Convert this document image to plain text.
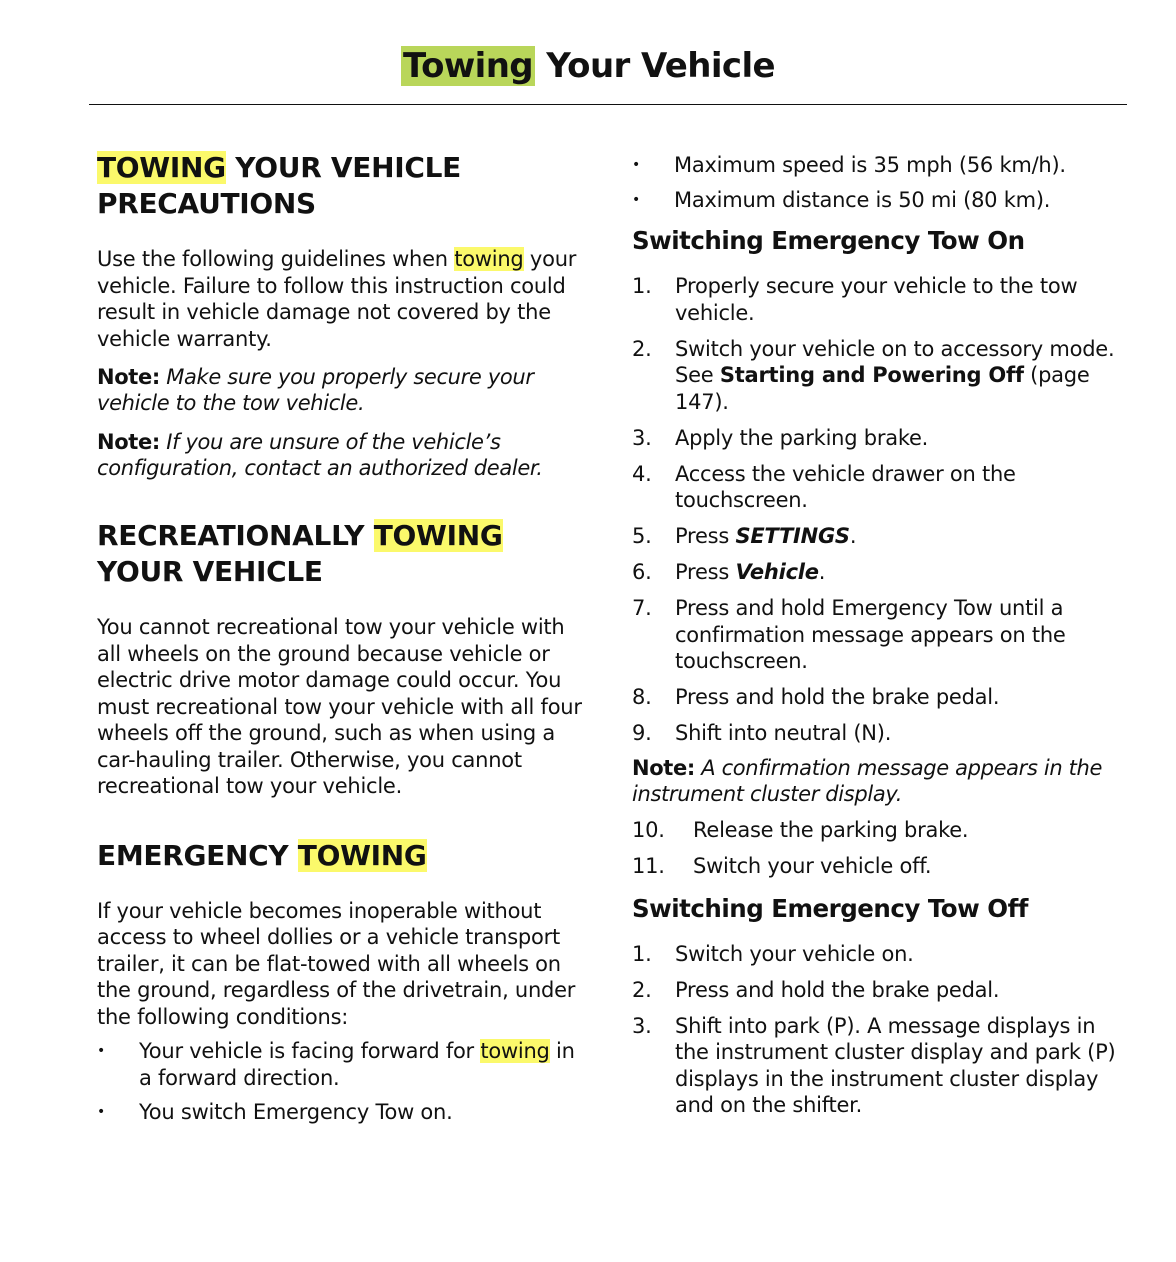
Towing Your Vehicle
TOWING YOUR VEHICLE PRECAUTIONS

Use the following guidelines when towing your vehicle. Failure to follow this instruction could result in vehicle damage not covered by the vehicle warranty.

Note: Make sure you properly secure your vehicle to the tow vehicle.

Note: If you are unsure of the vehicle’s configuration, contact an authorized dealer.

RECREATIONALLY TOWING YOUR VEHICLE

You cannot recreational tow your vehicle with all wheels on the ground because vehicle or electric drive motor damage could occur. You must recreational tow your vehicle with all four wheels off the ground, such as when using a car-hauling trailer. Otherwise, you cannot recreational tow your vehicle.

EMERGENCY TOWING

If your vehicle becomes inoperable without access to wheel dollies or a vehicle transport trailer, it can be flat-towed with all wheels on the ground, regardless of the drivetrain, under the following conditions:

• Your vehicle is facing forward for towing in a forward direction.
• You switch Emergency Tow on.
• Maximum speed is 35 mph (56 km/h).
• Maximum distance is 50 mi (80 km).
Switching Emergency Tow On
1. Properly secure your vehicle to the tow vehicle.
2. Switch your vehicle on to accessory mode. See Starting and Powering Off (page 147).
3. Apply the parking brake.
4. Access the vehicle drawer on the touchscreen.
5. Press SETTINGS.
6. Press Vehicle.
7. Press and hold Emergency Tow until a confirmation message appears on the touchscreen.
8. Press and hold the brake pedal.
9. Shift into neutral (N).

Note: A confirmation message appears in the instrument cluster display.

10. Release the parking brake.
11. Switch your vehicle off.
Switching Emergency Tow Off
1. Switch your vehicle on.
2. Press and hold the brake pedal.
3. Shift into park (P). A message displays in the instrument cluster display and park (P) displays in the instrument cluster display and on the shifter.
